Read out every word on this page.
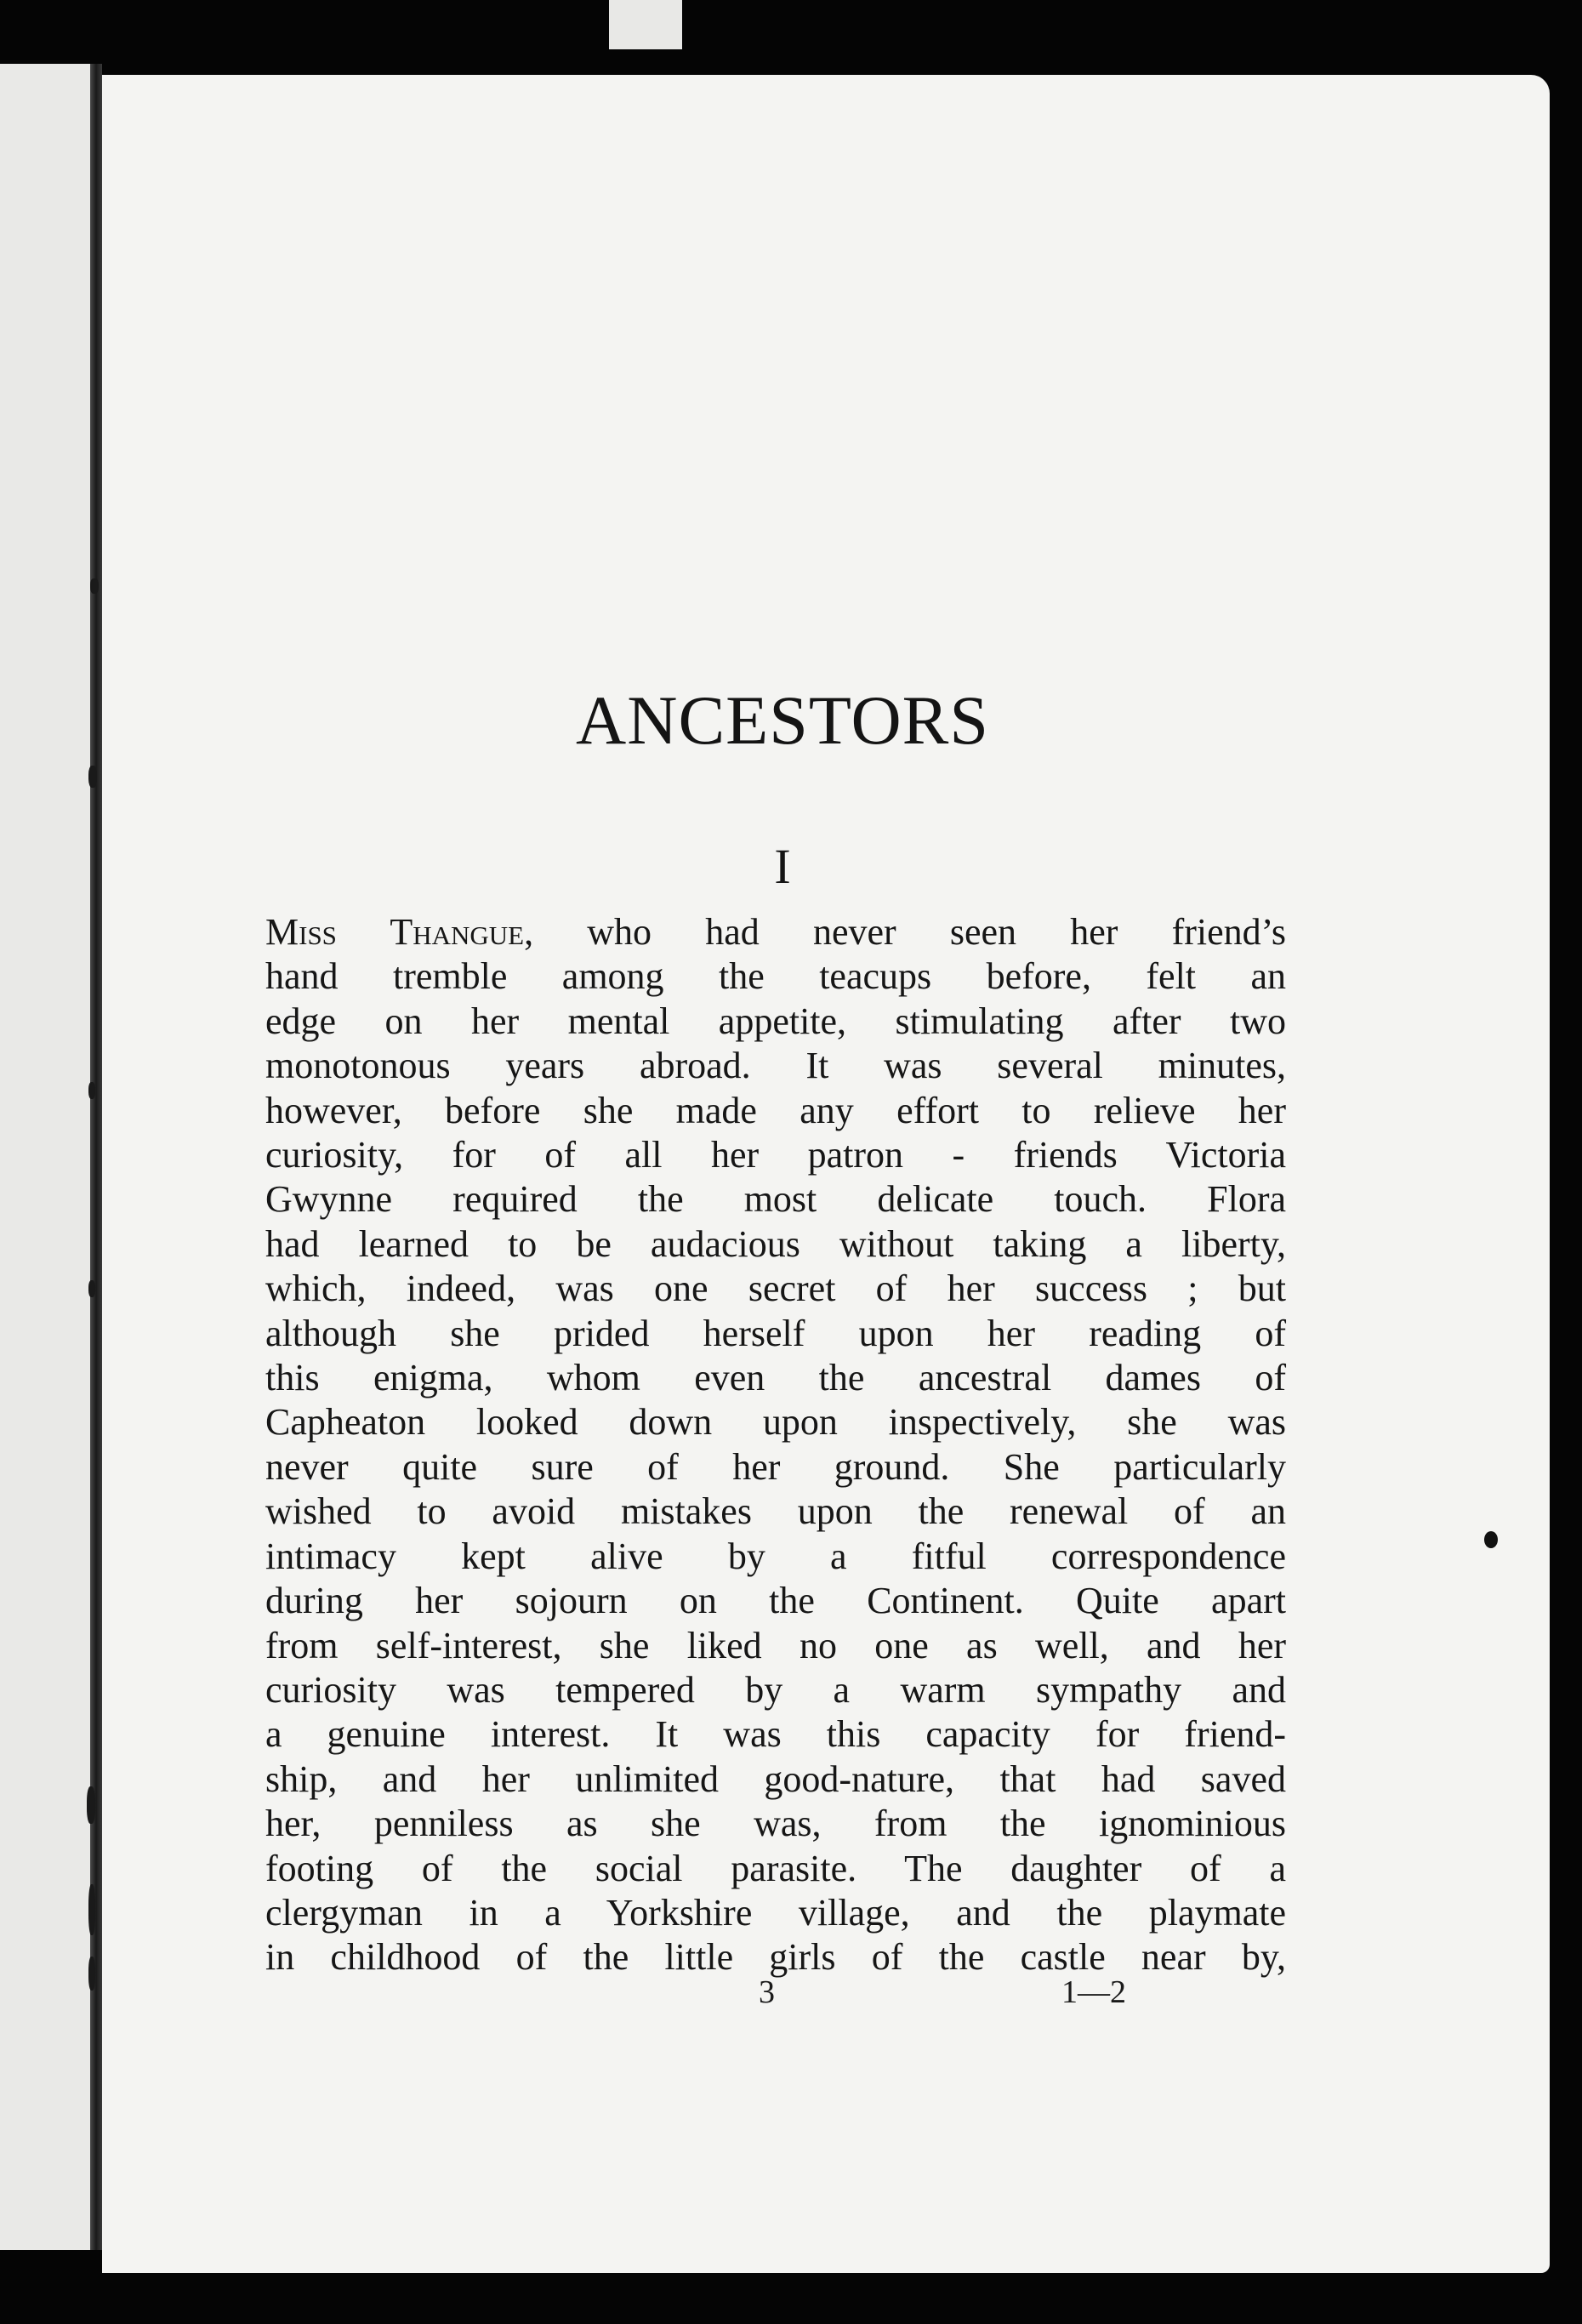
ANCESTORS
I
Miss Thangue, who had never seen her friend’s
hand tremble among the teacups before, felt an
edge on her mental appetite, stimulating after two
monotonous years abroad. It was several minutes,
however, before she made any effort to relieve her
curiosity, for of all her patron - friends Victoria
Gwynne required the most delicate touch. Flora
had learned to be audacious without taking a liberty,
which, indeed, was one secret of her success ; but
although she prided herself upon her reading of
this enigma, whom even the ancestral dames of
Capheaton looked down upon inspectively, she was
never quite sure of her ground. She particularly
wished to avoid mistakes upon the renewal of an
intimacy kept alive by a fitful correspondence
during her sojourn on the Continent. Quite apart
from self-interest, she liked no one as well, and her
curiosity was tempered by a warm sympathy and
a genuine interest. It was this capacity for friend-
ship, and her unlimited good-nature, that had saved
her, penniless as she was, from the ignominious
footing of the social parasite. The daughter of a
clergyman in a Yorkshire village, and the playmate
in childhood of the little girls of the castle near by,
3	1—2
